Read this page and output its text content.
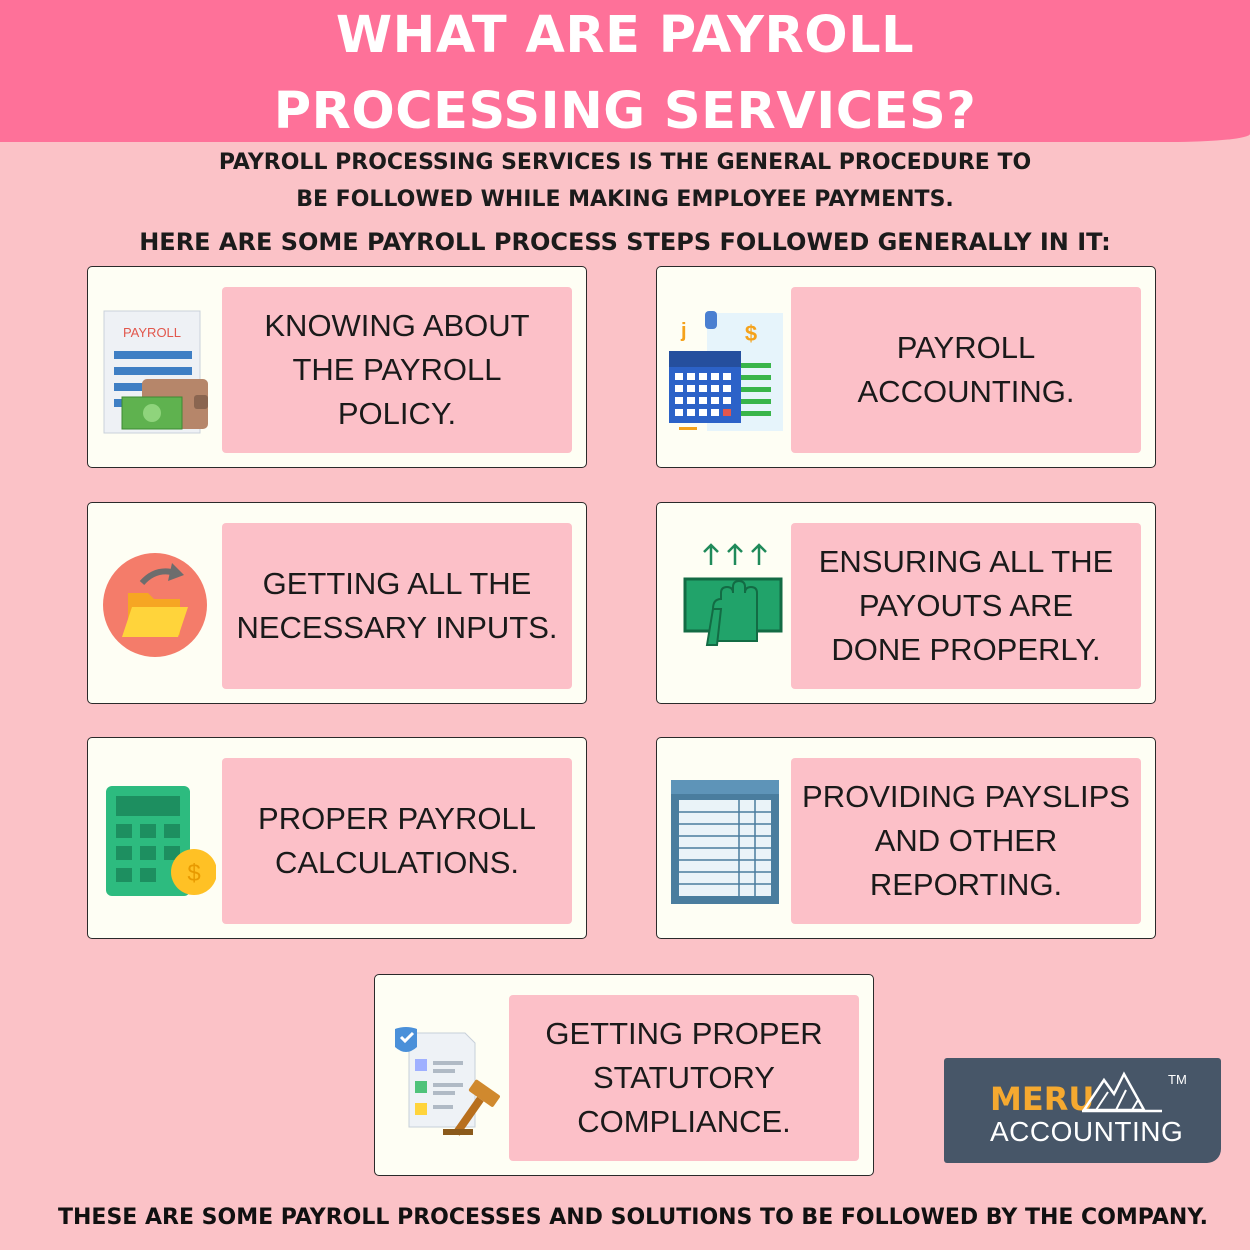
WHAT ARE PAYROLL
PROCESSING SERVICES?
PAYROLL PROCESSING SERVICES IS THE GENERAL PROCEDURE TO
BE FOLLOWED WHILE MAKING EMPLOYEE PAYMENTS.
HERE ARE SOME PAYROLL PROCESS STEPS FOLLOWED GENERALLY IN IT:
PAYROLL	KNOWING ABOUT
THE PAYROLL
POLICY.
$
j	PAYROLL
ACCOUNTING.
GETTING ALL THE
NECESSARY INPUTS.
ENSURING ALL THE
PAYOUTS ARE
DONE PROPERLY.
$
PROPER PAYROLL
CALCULATIONS.
PROVIDING PAYSLIPS
AND OTHER
REPORTING.
GETTING PROPER
STATUTORY
COMPLIANCE.
MERU
TM
ACCOUNTING
THESE ARE SOME PAYROLL PROCESSES AND SOLUTIONS TO BE FOLLOWED BY THE COMPANY.
